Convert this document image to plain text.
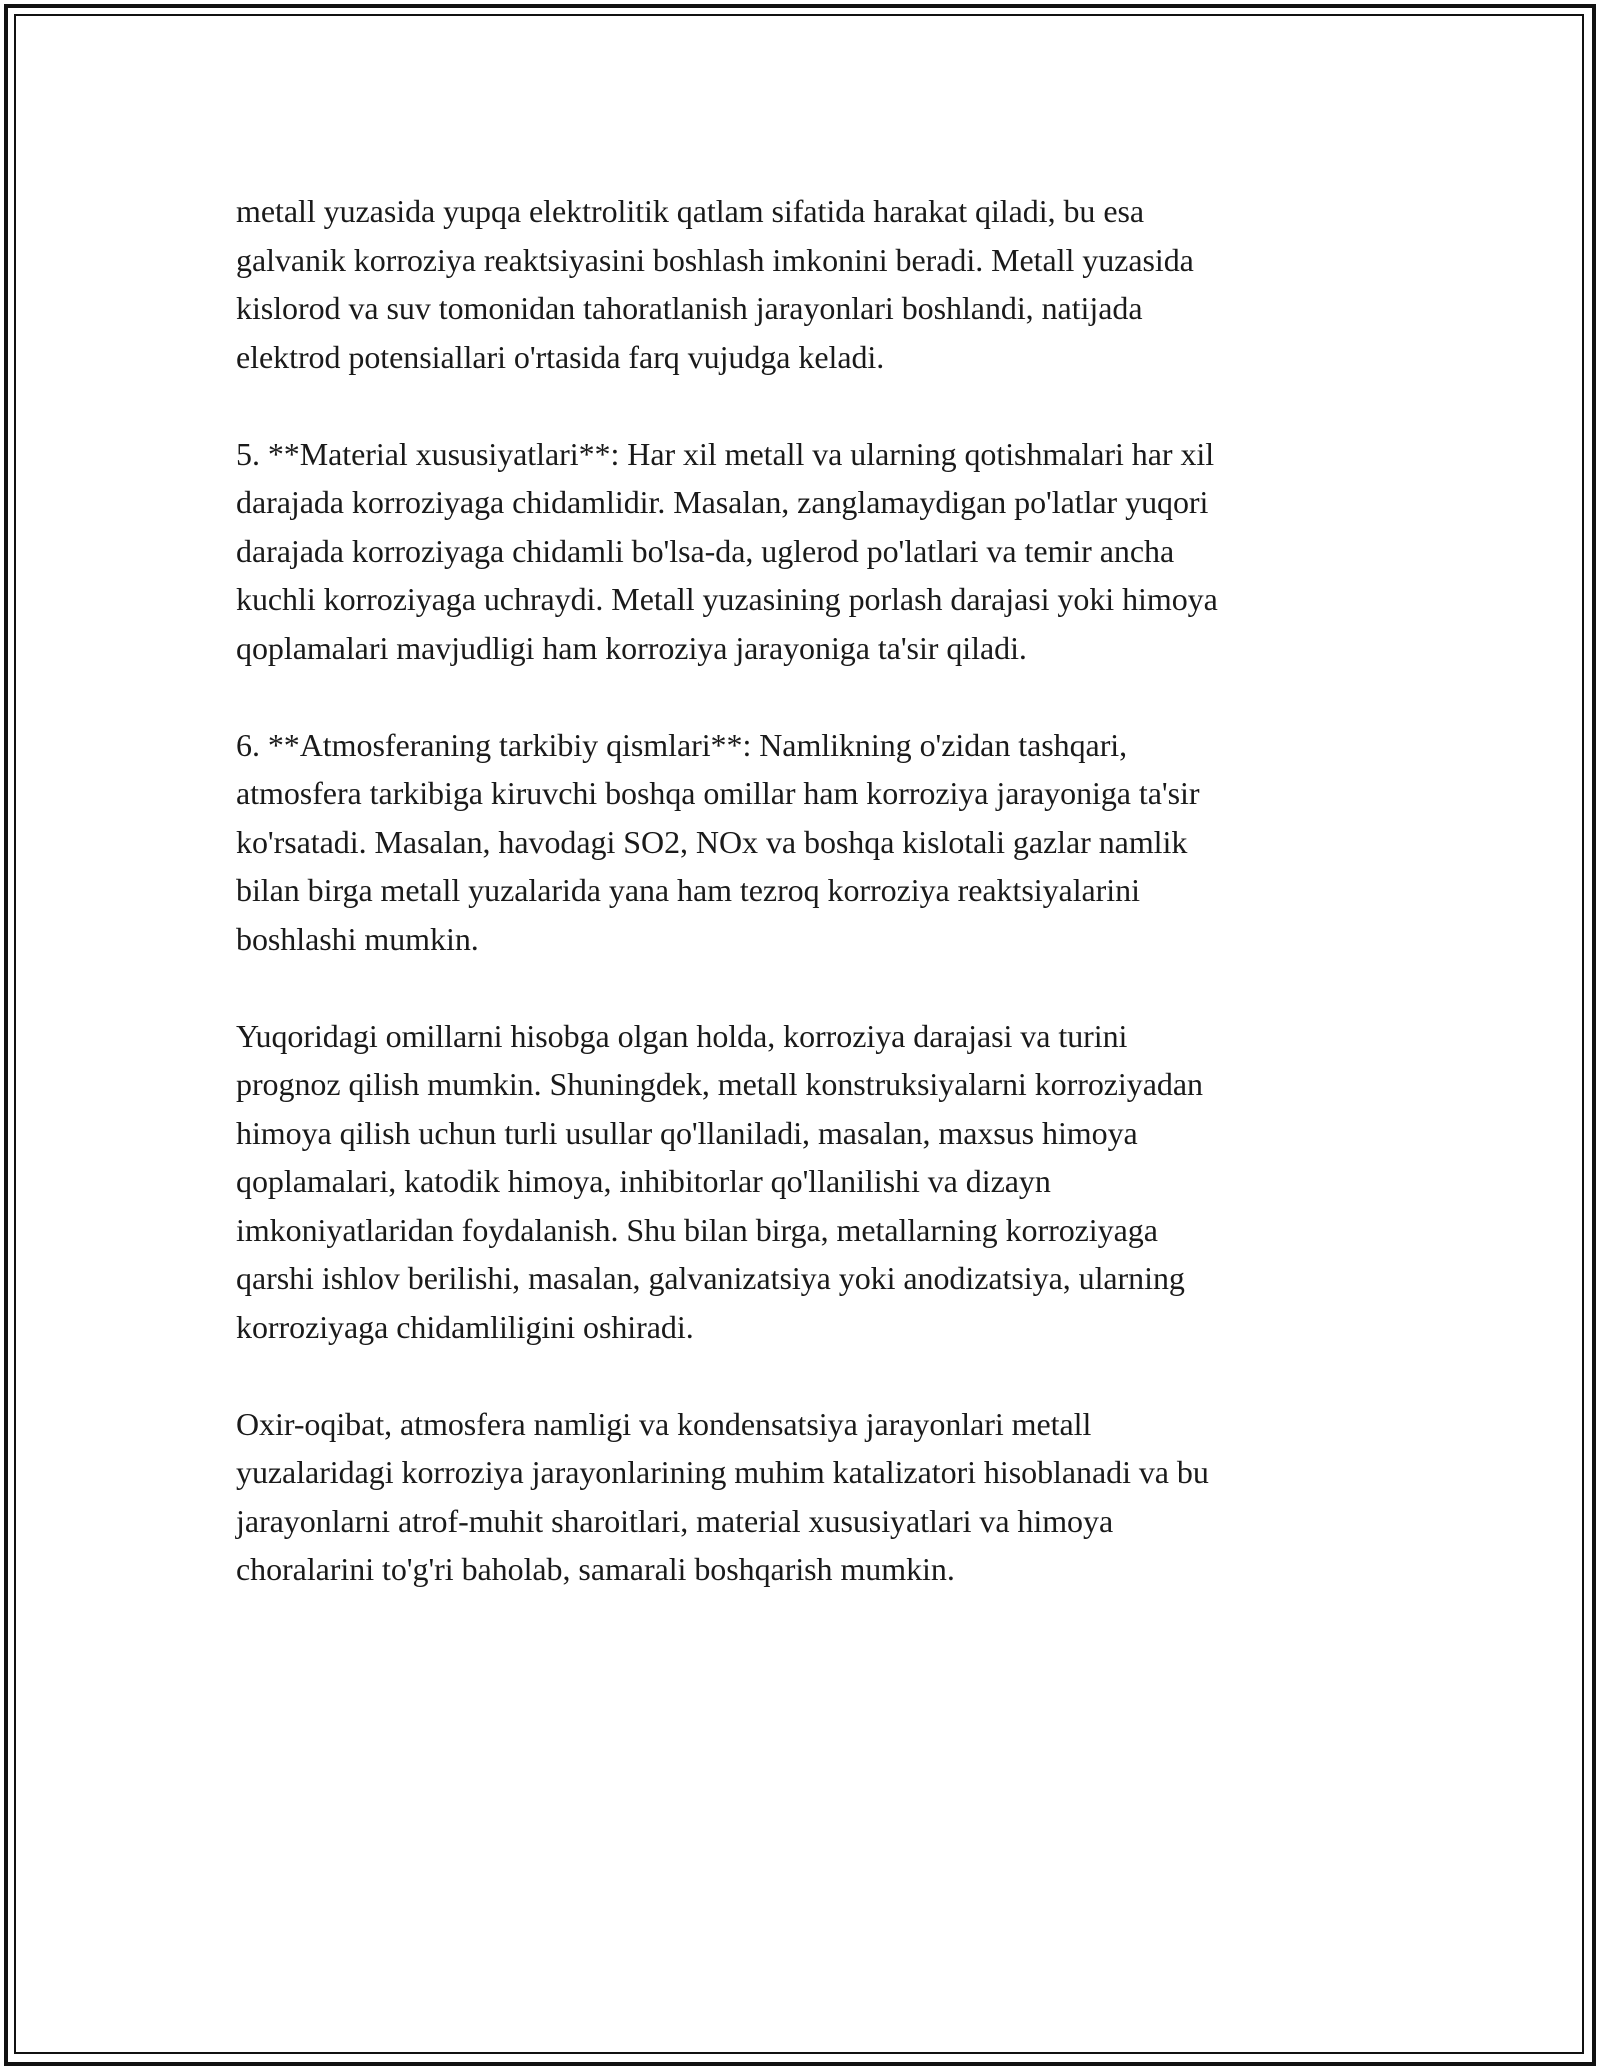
metall yuzasida yupqa elektrolitik qatlam sifatida harakat qiladi, bu esa
galvanik korroziya reaktsiyasini boshlash imkonini beradi. Metall yuzasida
kislorod va suv tomonidan tahoratlanish jarayonlari boshlandi, natijada
elektrod potensiallari o'rtasida farq vujudga keladi.

5. **Material xususiyatlari**: Har xil metall va ularning qotishmalari har xil
darajada korroziyaga chidamlidir. Masalan, zanglamaydigan po'latlar yuqori
darajada korroziyaga chidamli bo'lsa-da, uglerod po'latlari va temir ancha
kuchli korroziyaga uchraydi. Metall yuzasining porlash darajasi yoki himoya
qoplamalari mavjudligi ham korroziya jarayoniga ta'sir qiladi.

6. **Atmosferaning tarkibiy qismlari**: Namlikning o'zidan tashqari,
atmosfera tarkibiga kiruvchi boshqa omillar ham korroziya jarayoniga ta'sir
ko'rsatadi. Masalan, havodagi SO2, NOx va boshqa kislotali gazlar namlik
bilan birga metall yuzalarida yana ham tezroq korroziya reaktsiyalarini
boshlashi mumkin.

Yuqoridagi omillarni hisobga olgan holda, korroziya darajasi va turini
prognoz qilish mumkin. Shuningdek, metall konstruksiyalarni korroziyadan
himoya qilish uchun turli usullar qo'llaniladi, masalan, maxsus himoya
qoplamalari, katodik himoya, inhibitorlar qo'llanilishi va dizayn
imkoniyatlaridan foydalanish. Shu bilan birga, metallarning korroziyaga
qarshi ishlov berilishi, masalan, galvanizatsiya yoki anodizatsiya, ularning
korroziyaga chidamliligini oshiradi.

Oxir-oqibat, atmosfera namligi va kondensatsiya jarayonlari metall
yuzalaridagi korroziya jarayonlarining muhim katalizatori hisoblanadi va bu
jarayonlarni atrof-muhit sharoitlari, material xususiyatlari va himoya
choralarini to'g'ri baholab, samarali boshqarish mumkin.
